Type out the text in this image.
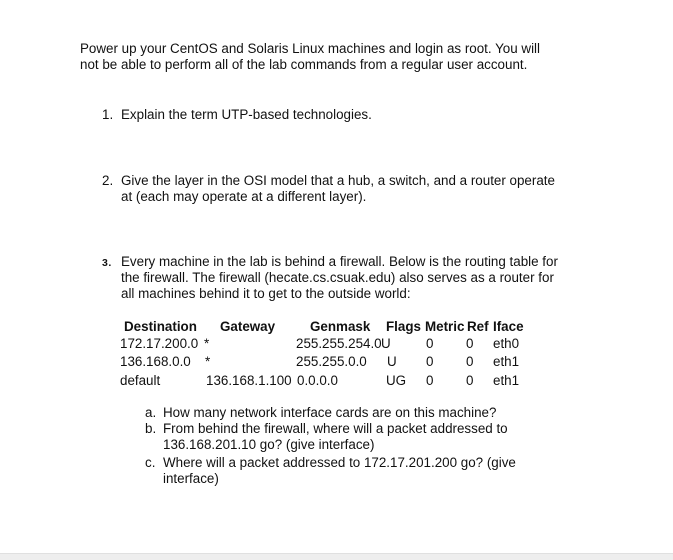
Power up your CentOS and Solaris Linux machines and login as root. You will
not be able to perform all of the lab commands from a regular user account.
1. Explain the term UTP-based technologies.
2. Give the layer in the OSI model that a hub, a switch, and a router operate
at (each may operate at a different layer).
3. Every machine in the lab is behind a firewall. Below is the routing table for
the firewall. The firewall (hecate.cs.csuak.edu) also serves as a router for
all machines behind it to get to the outside world:
Destination Gateway	Genmask Flags Metric Ref Iface
172.17.200.0 *	255.255.254.0 U	0 0 eth0
136.168.0.0 *	255.255.0.0 U 0 0 eth1
default	136.168.1.100 0.0.0.0	UG 0 0 eth1
a. How many network interface cards are on this machine?
b. From behind the firewall, where will a packet addressed to
136.168.201.10 go? (give interface)
c. Where will a packet addressed to 172.17.201.200 go? (give
interface)
